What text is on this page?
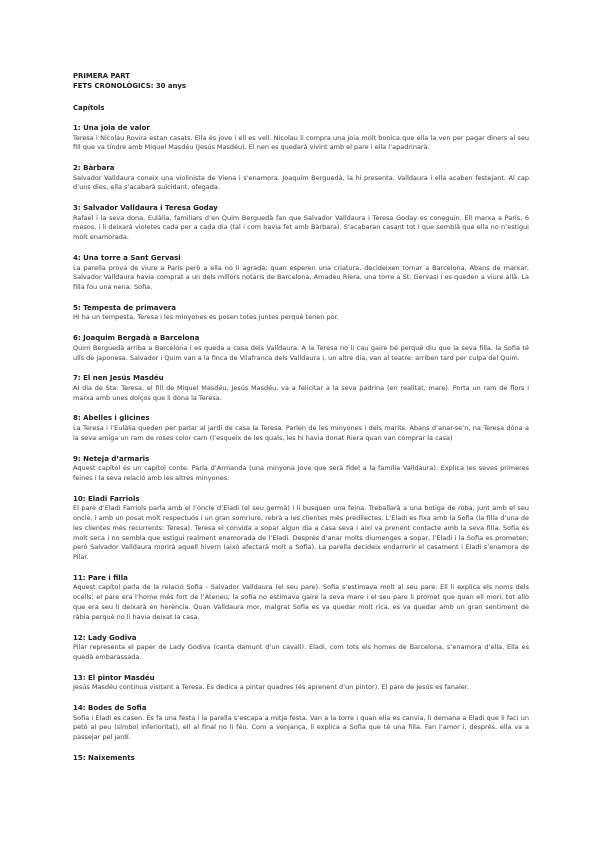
PRIMERA PART

FETS CRONOLÒGICS: 30 anys

Capítols

1: Una joia de valor

Teresa i Nicolau Rovira estan casats. Ella és jove i ell es vell. Nicolau li compra una joia molt bonica que ella la ven per pagar diners al seu fill que va tindre amb Miquel Masdéu (Jesús Masdéu). El nen es quedarà vivint amb el pare i ella l’apadrinarà.

2: Bàrbara

Salvador Valldaura coneix una violinista de Viena i s’enamora. Joaquim Berguedà, la hi presenta. Valldaura i ella acaben festejant. Al cap d’uns dies, ella s’acabarà suïcidant, ofegada.

3: Salvador Valldaura i Teresa Goday

Rafael i la seva dona, Eulàlia, familiars d’en Quim Berguedà fan que Salvador Valldaura i Teresa Goday es coneguin. Ell marxa a París, 6 mesos, i li deixarà violetes cada per a cada dia (tal i com havia fet amb Bàrbara). S’acabaran casant tot i que semblà que ella no n’estigui molt enamorada.

4: Una torre a Sant Gervasi

La parella prova de viure a París però a ella no li agrada; quan esperen una criatura, decideixen tornar a Barcelona. Abans de marxar, Salvador Valldaura havia comprat a un dels millors notaris de Barcelona, Amadeu Riera, una torre a St. Gervasi i es queden a viure allà. La filla fou una nena: Sofia.

5: Tempesta de primavera

Hi ha un tempesta, Teresa i les minyones es posen totes juntes perquè tenen por.

6: Joaquim Bergadà a Barcelona

Quim Berguedà arriba a Barcelona i es queda a casa dels Valldaura. A la Teresa no li cau gaire bé perquè diu que la seva filla, la Sofia té ulls de japonesa. Salvador i Quim van a la finca de Vilafranca dels Valldaura i, un altre dia, van al teatre: arriben tard per culpa del Quim.

7: El nen Jesús Masdéu

Al dia de Sta. Teresa, el fill de Miquel Masdéu, Jesús Masdéu, va a felicitar a la seva padrina (en realitat, mare). Porta un ram de flors i marxa amb unes dolços que li dona la Teresa.

8: Abelles i glicines

La Teresa i l’Eulàlia queden per parlar al jardí de casa la Teresa. Parlen de les minyones i dels marits. Abans d’anar-se’n, na Teresa dóna a la seva amiga un ram de roses color carn (l’esqueix de les quals, les hi havia donat Riera quan van comprar la casa)

9: Neteja d’armaris

Aquest capítol és un capítol conte. Parla d’Armanda (una minyona jove que serà fidel a la família Valldaura). Explica les seves primeres feines i la seva relació amb les altres minyones.

10: Eladi Farriols

El pare d’Eladi Farriols parla amb el l’oncle d’Eladi (el seu germà) i li busquen una feina. Treballarà a una botiga de roba, junt amb el seu oncle, i amb un posat molt respectuós i un gran somriure, rebrà a les clientes més predilectes. L’Eladi es fixa amb la Sofia (la filla d’una de les clientes més recurrents: Teresa). Teresa el convida a sopar algun dia a casa seva i així va prenent contacte amb la seva filla. Sofia és molt seca i no sembla que estigui realment enamorada de l’Eladi. Després d’anar molts diumenges a sopar, l’Eladi i la Sofia es prometen; però Salvador Valldaura morirà aquell hivern (això afectarà molt a Sofia). La parella decideix endarrerir el casament i Eladi s’enamora de Pilar.

11: Pare i filla

Aquest capítol parla de la relació Sofia - Salvador Valldaura (el seu pare). Sofia s’estimava molt al seu pare. Ell li explica els noms dels ocells; el pare era l’home més fort de l’Ateneu; la sofia no estimava gaire la seva mare i el seu pare li promet que quan ell mori, tot allò que era seu li deixarà en herència. Quan Valldaura mor, malgrat Sofia es va quedar molt rica, es va quedar amb un gran sentiment de ràbia perquè no li havia deixat la casa.

12: Lady Godiva

Pilar representa el paper de Lady Godiva (canta damunt d’un cavall). Eladi, com tots els homes de Barcelona, s’enamora d’ella. Ella es quedà embarassada.

13: El pintor Masdéu

Jesús Masdéu continua visitant a Teresa. Es dedica a pintar quadres (és aprenent d’un pintor). El pare de Jesús es fanaler.

14: Bodes de Sofia

Sofia i Eladi es casen. Es fa una festa i la parella s’escapa a mitja festa. Van a la torre i quan ella es canvia, li demana a Eladi que li faci un petó al peu (símbol inferioritat), ell al final no li féu. Com a venjança, li explica a Sofia que té una filla. Fan l’amor i, després, ella va a passejar pel jardí.

15: Naixements
